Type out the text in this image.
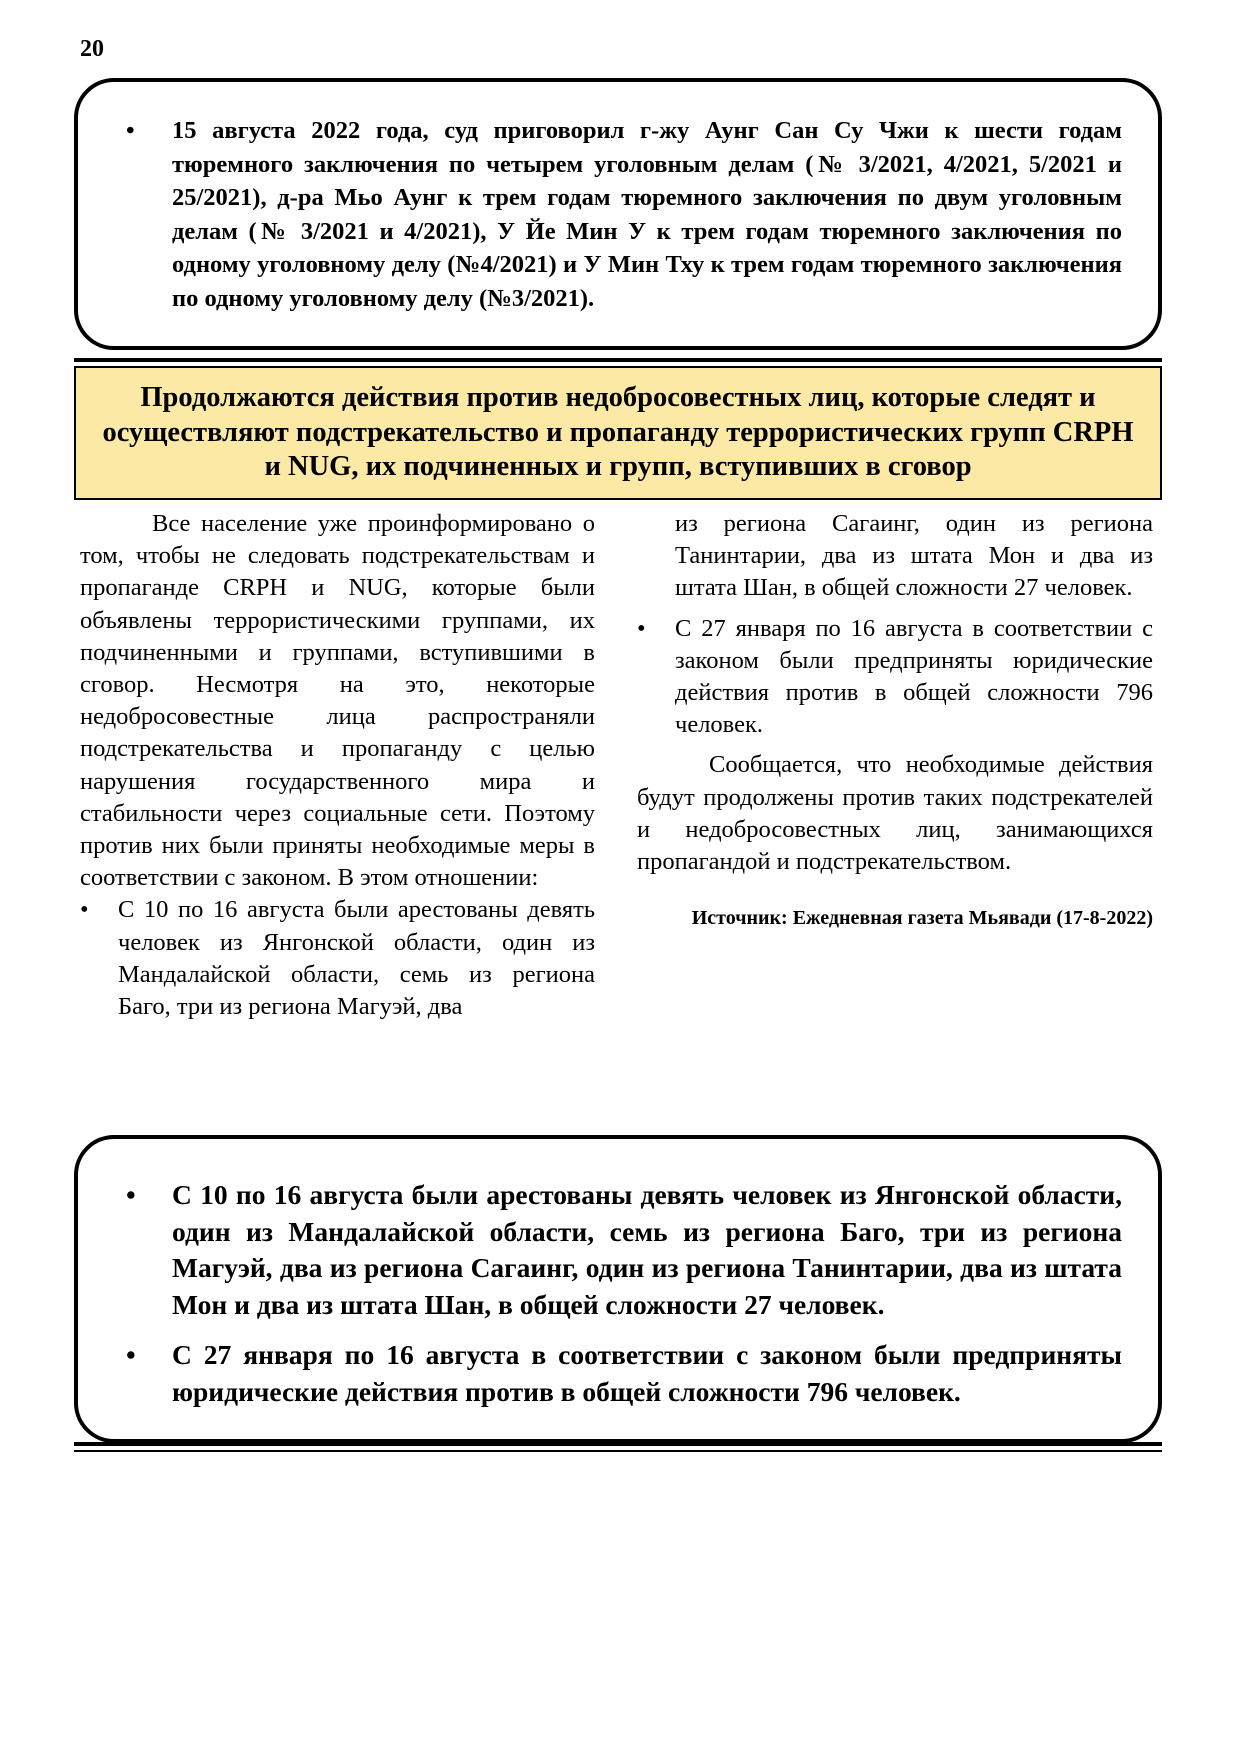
20
• 15 августа 2022 года, суд приговорил г-жу Аунг Сан Су Чжи к шести годам тюремного заключения по четырем уголовным делам (№ 3/2021, 4/2021, 5/2021 и 25/2021), д-ра Мьо Аунг к трем годам тюремного заключения по двум уголовным делам (№ 3/2021 и 4/2021), У Йе Мин У к трем годам тюремного заключения по одному уголовному делу (№4/2021) и У Мин Тху к трем годам тюремного заключения по одному уголовному делу (№3/2021).
Продолжаются действия против недобросовестных лиц, которые следят и осуществляют подстрекательство и пропаганду террористических групп CRPH и NUG, их подчиненных и групп, вступивших в сговор

Все население уже проинформировано о том, чтобы не следовать подстрекательствам и пропаганде CRPH и NUG, которые были объявлены террористическими группами, их подчиненными и группами, вступившими в сговор. Несмотря на это, некоторые недобросовестные лица распространяли подстрекательства и пропаганду с целью нарушения государственного мира и стабильности через социальные сети. Поэтому против них были приняты необходимые меры в соответствии с законом. В этом отношении:

• С 10 по 16 августа были арестованы девять человек из Янгонской области, один из Мандалайской области, семь из региона Баго, три из региона Магуэй, два

из региона Сагаинг, один из региона Танинтарии, два из штата Мон и два из штата Шан, в общей сложности 27 человек.

• С 27 января по 16 августа в соответствии с законом были предприняты юридические действия против в общей сложности 796 человек.

Сообщается, что необходимые действия будут продолжены против таких подстрекателей и недобросовестных лиц, занимающихся пропагандой и подстрекательством.

Источник: Ежедневная газета Мьявади (17-8-2022)

• С 10 по 16 августа были арестованы девять человек из Янгонской области, один из Мандалайской области, семь из региона Баго, три из региона Магуэй, два из региона Сагаинг, один из региона Танинтарии, два из штата Мон и два из штата Шан, в общей сложности 27 человек.
• С 27 января по 16 августа в соответствии с законом были предприняты юридические действия против в общей сложности 796 человек.
